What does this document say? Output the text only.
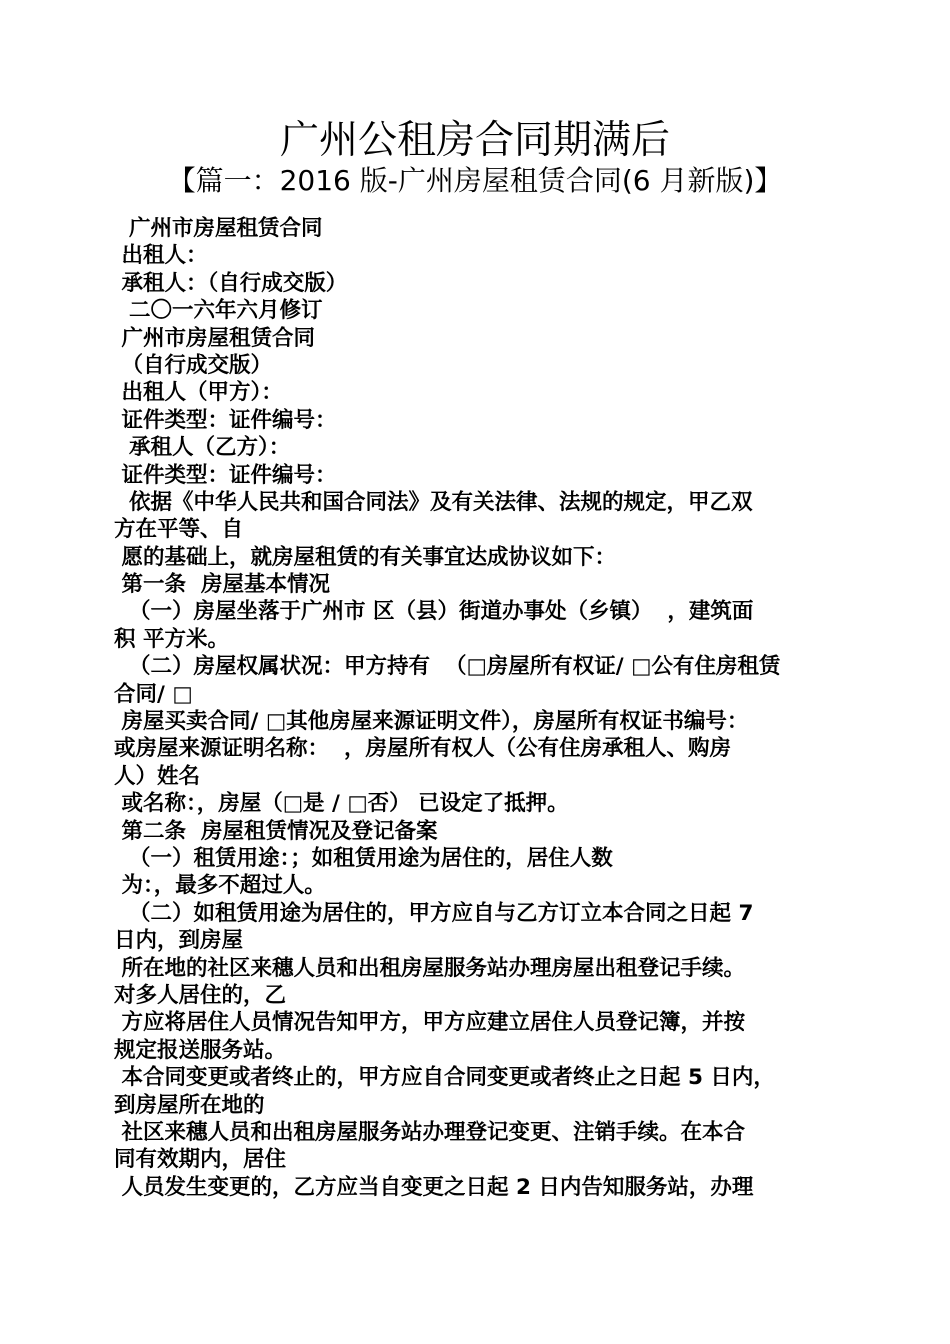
广州公租房合同期满后
【篇一：2016 版-广州房屋租赁合同(6 月新版)】
广州市房屋租赁合同
出租人：
承租人：（自行成交版）
二〇一六年六月修订
广州市房屋租赁合同
（自行成交版）
出租人（甲方）：
证件类型：证件编号：
承租人（乙方）：
证件类型：证件编号：
依据《中华人民共和国合同法》及有关法律、法规的规定，甲乙双
方在平等、自
愿的基础上，就房屋租赁的有关事宜达成协议如下：
第一条  房屋基本情况
（一）房屋坐落于广州市 区（县）街道办事处（乡镇）  ，建筑面
积 平方米。
（二）房屋权属状况：甲方持有  （□房屋所有权证/ □公有住房租赁
合同/ □
房屋买卖合同/ □其他房屋来源证明文件），房屋所有权证书编号：
或房屋来源证明名称：  ，房屋所有权人（公有住房承租人、购房
人）姓名
或名称：，房屋（□是 / □否） 已设定了抵押。
第二条  房屋租赁情况及登记备案
（一）租赁用途：；如租赁用途为居住的，居住人数
为：，最多不超过人。
（二）如租赁用途为居住的，甲方应自与乙方订立本合同之日起 7
日内，到房屋
所在地的社区来穗人员和出租房屋服务站办理房屋出租登记手续。
对多人居住的，乙
方应将居住人员情况告知甲方，甲方应建立居住人员登记簿，并按
规定报送服务站。
本合同变更或者终止的，甲方应自合同变更或者终止之日起 5 日内，
到房屋所在地的
社区来穗人员和出租房屋服务站办理登记变更、注销手续。在本合
同有效期内，居住
人员发生变更的，乙方应当自变更之日起 2 日内告知服务站，办理
